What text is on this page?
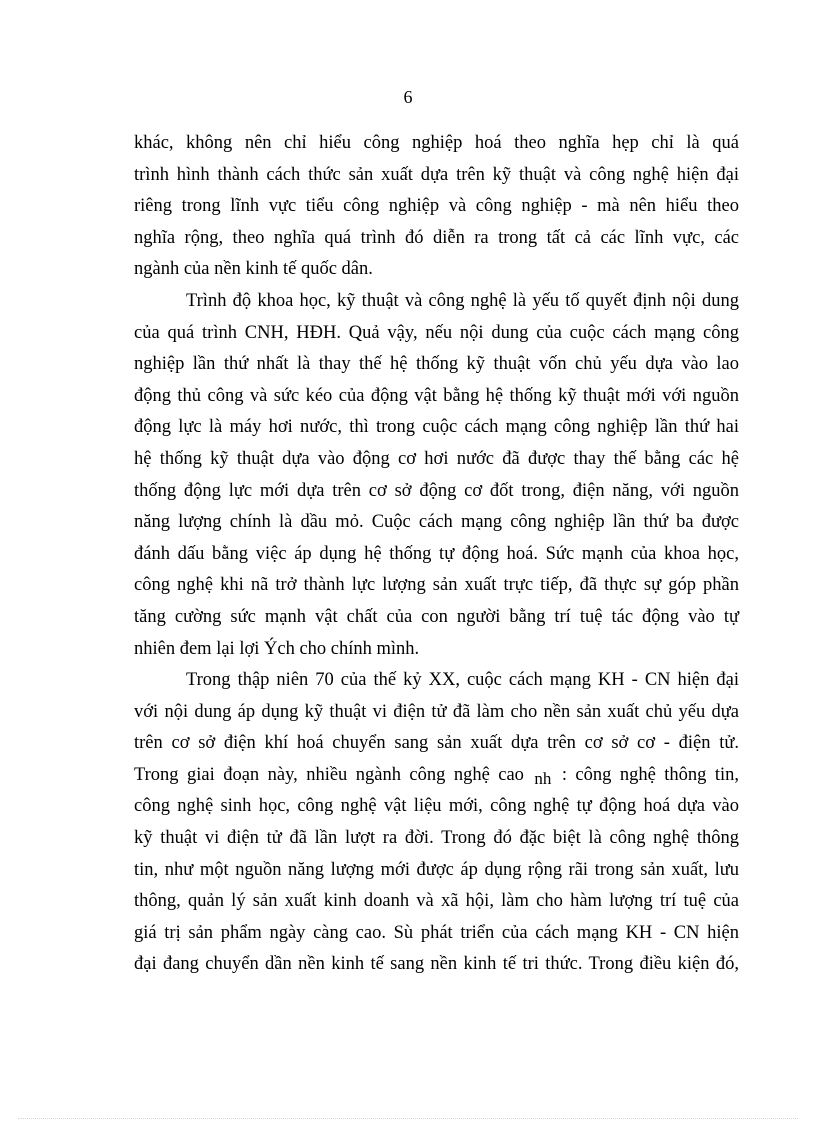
6
khác, không nên chỉ hiểu công nghiệp hoá theo nghĩa hẹp chỉ là quá
trình hình thành cách thức sản xuất dựa trên kỹ thuật và công nghệ hiện đại
riêng trong lĩnh vực tiểu công nghiệp và công nghiệp - mà nên hiểu theo
nghĩa rộng, theo nghĩa quá trình đó diễn ra trong tất cả các lĩnh vực, các
ngành của nền kinh tế quốc dân.
Trình độ khoa học, kỹ thuật và công nghệ là yếu tố quyết định nội dung
của quá trình CNH, HĐH. Quả vậy, nếu nội dung của cuộc cách mạng công
nghiệp lần thứ nhất là thay thế hệ thống kỹ thuật vốn chủ yếu dựa vào lao
động thủ công và sức kéo của động vật bằng hệ thống kỹ thuật mới với nguồn
động lực là máy hơi nước, thì trong cuộc cách mạng công nghiệp lần thứ hai
hệ thống kỹ thuật dựa vào động cơ hơi nước đã được thay thế bằng các hệ
thống động lực mới dựa trên cơ sở động cơ đốt trong, điện năng, với nguồn
năng lượng chính là dầu mỏ. Cuộc cách mạng công nghiệp lần thứ ba được
đánh dấu bằng việc áp dụng hệ thống tự động hoá. Sức mạnh của khoa học,
công nghệ khi nã trở thành lực lượng sản xuất trực tiếp, đã thực sự góp phần
tăng cường sức mạnh vật chất của con người bằng trí tuệ tác động vào tự
nhiên đem lại lợi Ých cho chính mình.
Trong thập niên 70 của thế kỷ XX, cuộc cách mạng KH - CN hiện đại
với nội dung áp dụng kỹ thuật vi điện tử đã làm cho nền sản xuất chủ yếu dựa
trên cơ sở điện khí hoá chuyển sang sản xuất dựa trên cơ sở cơ - điện tử.
Trong giai đoạn này, nhiều ngành công nghệ cao nh : công nghệ thông tin,
công nghệ sinh học, công nghệ vật liệu mới, công nghệ tự động hoá dựa vào
kỹ thuật vi điện tử đã lần lượt ra đời. Trong đó đặc biệt là công nghệ thông
tin, như một nguồn năng lượng mới được áp dụng rộng rãi trong sản xuất, lưu
thông, quản lý sản xuất kinh doanh và xã hội, làm cho hàm lượng trí tuệ của
giá trị sản phẩm ngày càng cao. Sù phát triển của cách mạng KH - CN hiện
đại đang chuyển dần nền kinh tế sang nền kinh tế tri thức. Trong điều kiện đó,
